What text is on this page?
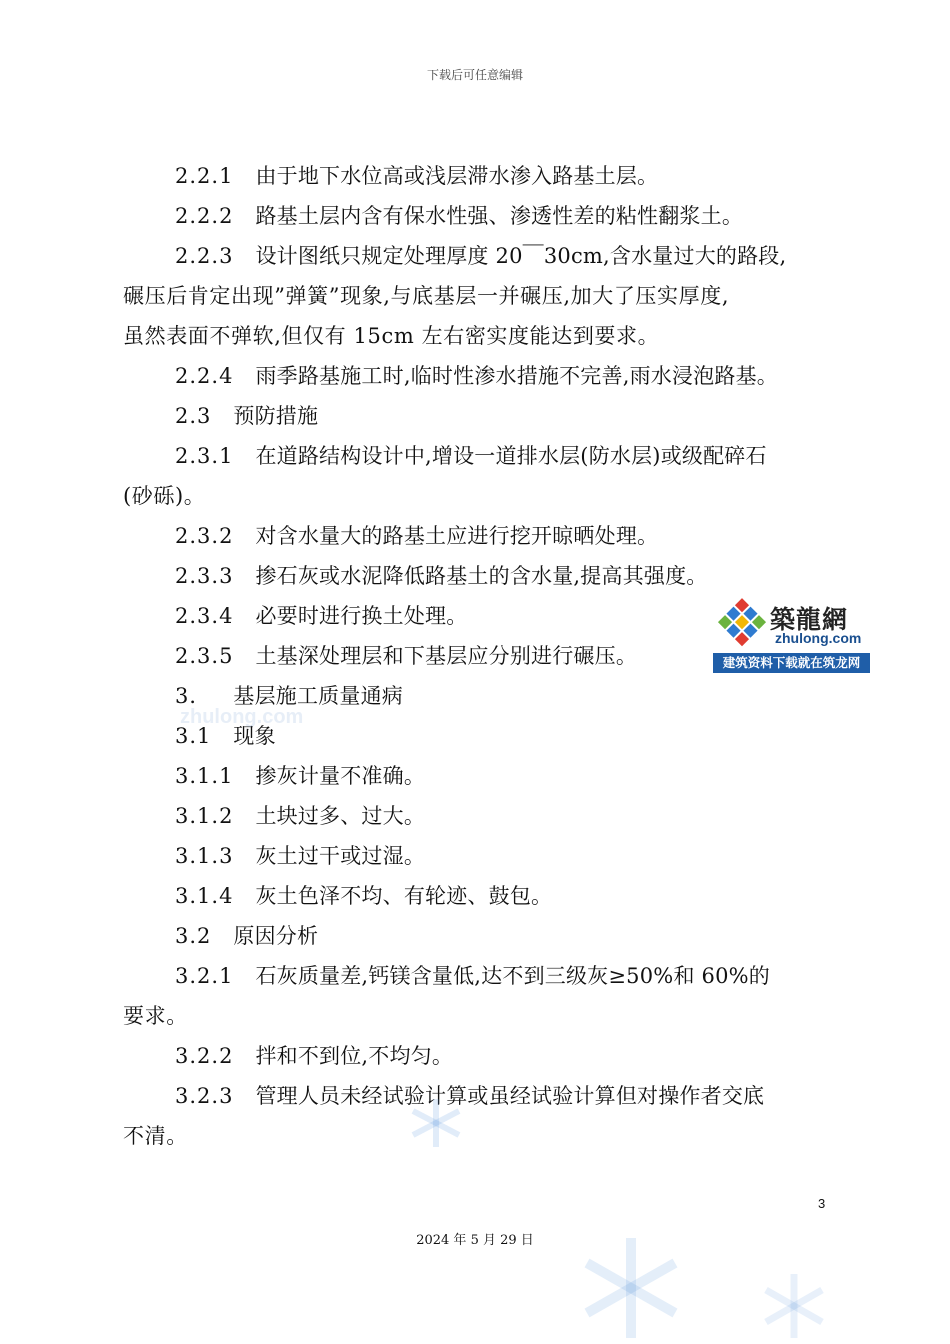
下载后可任意编辑
2.2.1 由于地下水位高或浅层滞水渗入路基土层。
2.2.2 路基土层内含有保水性强、渗透性差的粘性翻浆土。
2.2.3 设计图纸只规定处理厚度 20￣30cm,含水量过大的路段,
碾压后肯定出现”弹簧”现象,与底基层一并碾压,加大了压实厚度,
虽然表面不弹软,但仅有 15cm 左右密实度能达到要求。
2.2.4 雨季路基施工时,临时性渗水措施不完善,雨水浸泡路基。
2.3 预防措施
2.3.1 在道路结构设计中,增设一道排水层(防水层)或级配碎石
(砂砾)。
2.3.2 对含水量大的路基土应进行挖开晾晒处理。
2.3.3 掺石灰或水泥降低路基土的含水量,提高其强度。
2.3.4 必要时进行换土处理。
2.3.5 土基深处理层和下基层应分别进行碾压。
3． 基层施工质量通病
3.1 现象
3.1.1 掺灰计量不准确。
3.1.2 土块过多、过大。
3.1.3 灰土过干或过湿。
3.1.4 灰土色泽不均、有轮迹、鼓包。
3.2 原因分析
3.2.1 石灰质量差,钙镁含量低,达不到三级灰≥50%和 60%的
要求。
3.2.2 拌和不到位,不均匀。
3.2.3 管理人员未经试验计算或虽经试验计算但对操作者交底
不清。
zhulong.com
築龍網
zhulong.com
建筑资料下载就在筑龙网
3
2024 年 5 月 29 日
